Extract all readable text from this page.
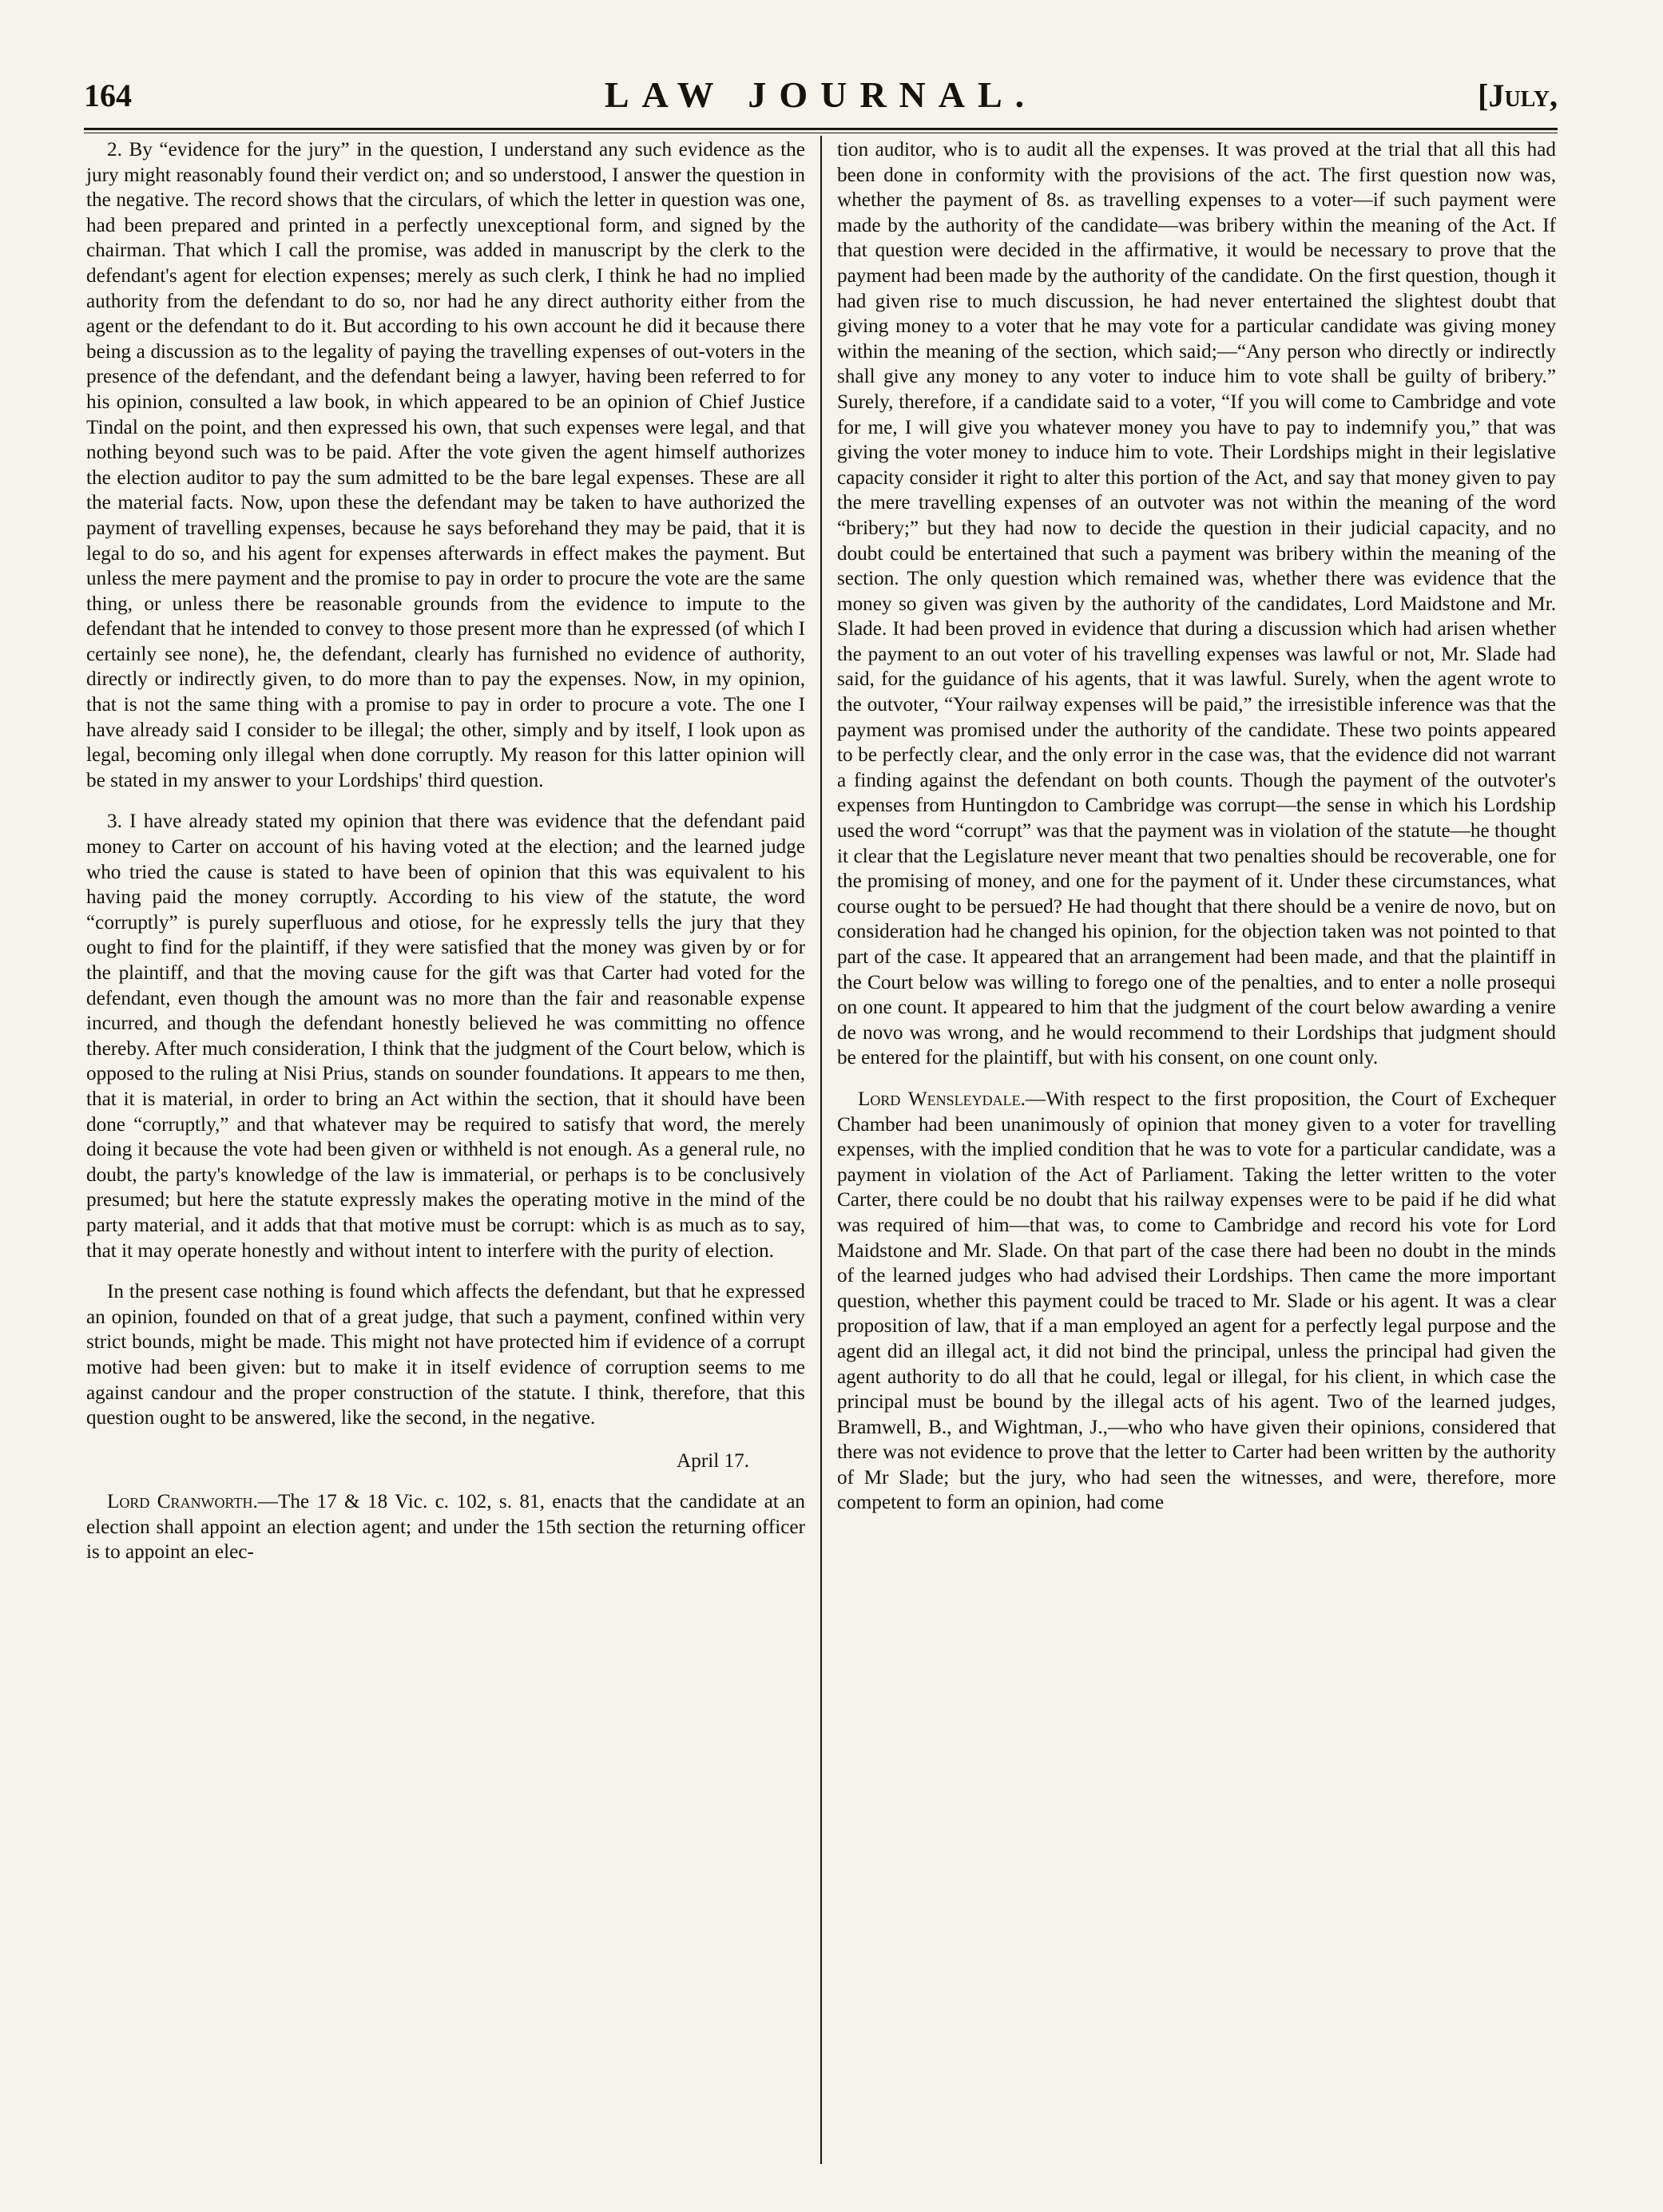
164	LAW JOURNAL.	[July,

2. By “evidence for the jury” in the question, I understand any such evidence as the jury might reasonably found their verdict on; and so understood, I answer the question in the negative. The record shows that the circulars, of which the letter in question was one, had been prepared and printed in a perfectly unexceptional form, and signed by the chairman. That which I call the promise, was added in manuscript by the clerk to the defendant's agent for election expenses; merely as such clerk, I think he had no implied authority from the defendant to do so, nor had he any direct authority either from the agent or the defendant to do it. But according to his own account he did it because there being a discussion as to the legality of paying the travelling expenses of out-voters in the presence of the defendant, and the defendant being a lawyer, having been referred to for his opinion, consulted a law book, in which appeared to be an opinion of Chief Justice Tindal on the point, and then expressed his own, that such expenses were legal, and that nothing beyond such was to be paid. After the vote given the agent himself authorizes the election auditor to pay the sum admitted to be the bare legal expenses. These are all the material facts. Now, upon these the defendant may be taken to have authorized the payment of travelling expenses, because he says beforehand they may be paid, that it is legal to do so, and his agent for expenses afterwards in effect makes the payment. But unless the mere payment and the promise to pay in order to procure the vote are the same thing, or unless there be reasonable grounds from the evidence to impute to the defendant that he intended to convey to those present more than he expressed (of which I certainly see none), he, the defendant, clearly has furnished no evidence of authority, directly or indirectly given, to do more than to pay the expenses. Now, in my opinion, that is not the same thing with a promise to pay in order to procure a vote. The one I have already said I consider to be illegal; the other, simply and by itself, I look upon as legal, becoming only illegal when done corruptly. My reason for this latter opinion will be stated in my answer to your Lordships' third question.

3. I have already stated my opinion that there was evidence that the defendant paid money to Carter on account of his having voted at the election; and the learned judge who tried the cause is stated to have been of opinion that this was equivalent to his having paid the money corruptly. According to his view of the statute, the word “corruptly” is purely superfluous and otiose, for he expressly tells the jury that they ought to find for the plaintiff, if they were satisfied that the money was given by or for the plaintiff, and that the moving cause for the gift was that Carter had voted for the defendant, even though the amount was no more than the fair and reasonable expense incurred, and though the defendant honestly believed he was committing no offence thereby. After much consideration, I think that the judgment of the Court below, which is opposed to the ruling at Nisi Prius, stands on sounder foundations. It appears to me then, that it is material, in order to bring an Act within the section, that it should have been done “corruptly,” and that whatever may be required to satisfy that word, the merely doing it because the vote had been given or withheld is not enough. As a general rule, no doubt, the party's knowledge of the law is immaterial, or perhaps is to be conclusively presumed; but here the statute expressly makes the operating motive in the mind of the party material, and it adds that that motive must be corrupt: which is as much as to say, that it may operate honestly and without intent to interfere with the purity of election.

In the present case nothing is found which affects the defendant, but that he expressed an opinion, founded on that of a great judge, that such a payment, confined within very strict bounds, might be made. This might not have protected him if evidence of a corrupt motive had been given: but to make it in itself evidence of corruption seems to me against candour and the proper construction of the statute. I think, therefore, that this question ought to be answered, like the second, in the negative.

April 17.

Lord Cranworth.—The 17 & 18 Vic. c. 102, s. 81, enacts that the candidate at an election shall appoint an election agent; and under the 15th section the returning officer is to appoint an elec-

tion auditor, who is to audit all the expenses. It was proved at the trial that all this had been done in conformity with the provisions of the act. The first question now was, whether the payment of 8s. as travelling expenses to a voter—if such payment were made by the authority of the candidate—was bribery within the meaning of the Act. If that question were decided in the affirmative, it would be necessary to prove that the payment had been made by the authority of the candidate. On the first question, though it had given rise to much discussion, he had never entertained the slightest doubt that giving money to a voter that he may vote for a particular candidate was giving money within the meaning of the section, which said;—“Any person who directly or indirectly shall give any money to any voter to induce him to vote shall be guilty of bribery.” Surely, therefore, if a candidate said to a voter, “If you will come to Cambridge and vote for me, I will give you whatever money you have to pay to indemnify you,” that was giving the voter money to induce him to vote. Their Lordships might in their legislative capacity consider it right to alter this portion of the Act, and say that money given to pay the mere travelling expenses of an outvoter was not within the meaning of the word “bribery;” but they had now to decide the question in their judicial capacity, and no doubt could be entertained that such a payment was bribery within the meaning of the section. The only question which remained was, whether there was evidence that the money so given was given by the authority of the candidates, Lord Maidstone and Mr. Slade. It had been proved in evidence that during a discussion which had arisen whether the payment to an out voter of his travelling expenses was lawful or not, Mr. Slade had said, for the guidance of his agents, that it was lawful. Surely, when the agent wrote to the outvoter, “Your railway expenses will be paid,” the irresistible inference was that the payment was promised under the authority of the candidate. These two points appeared to be perfectly clear, and the only error in the case was, that the evidence did not warrant a finding against the defendant on both counts. Though the payment of the outvoter's expenses from Huntingdon to Cambridge was corrupt—the sense in which his Lordship used the word “corrupt” was that the payment was in violation of the statute—he thought it clear that the Legislature never meant that two penalties should be recoverable, one for the promising of money, and one for the payment of it. Under these circumstances, what course ought to be persued? He had thought that there should be a venire de novo, but on consideration had he changed his opinion, for the objection taken was not pointed to that part of the case. It appeared that an arrangement had been made, and that the plaintiff in the Court below was willing to forego one of the penalties, and to enter a nolle prosequi on one count. It appeared to him that the judgment of the court below awarding a venire de novo was wrong, and he would recommend to their Lordships that judgment should be entered for the plaintiff, but with his consent, on one count only.

Lord Wensleydale.—With respect to the first proposition, the Court of Exchequer Chamber had been unanimously of opinion that money given to a voter for travelling expenses, with the implied condition that he was to vote for a particular candidate, was a payment in violation of the Act of Parliament. Taking the letter written to the voter Carter, there could be no doubt that his railway expenses were to be paid if he did what was required of him—that was, to come to Cambridge and record his vote for Lord Maidstone and Mr. Slade. On that part of the case there had been no doubt in the minds of the learned judges who had advised their Lordships. Then came the more important question, whether this payment could be traced to Mr. Slade or his agent. It was a clear proposition of law, that if a man employed an agent for a perfectly legal purpose and the agent did an illegal act, it did not bind the principal, unless the principal had given the agent authority to do all that he could, legal or illegal, for his client, in which case the principal must be bound by the illegal acts of his agent. Two of the learned judges, Bramwell, B., and Wightman, J.,—who who have given their opinions, considered that there was not evidence to prove that the letter to Carter had been written by the authority of Mr Slade; but the jury, who had seen the witnesses, and were, therefore, more competent to form an opinion, had come
